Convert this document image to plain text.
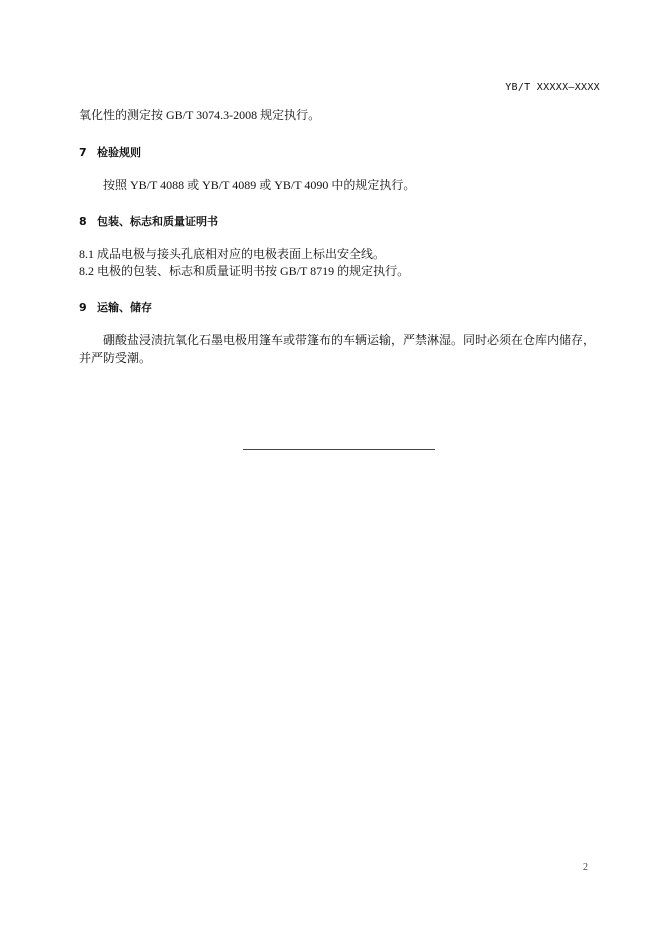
YB/T XXXXX—XXXX
氧化性的测定按 GB/T 3074.3-2008 规定执行。
7 检验规则
按照 YB/T 4088 或 YB/T 4089 或 YB/T 4090 中的规定执行。
8 包装、标志和质量证明书
8.1 成品电极与接头孔底相对应的电极表面上标出安全线。
8.2 电极的包装、标志和质量证明书按 GB/T 8719 的规定执行。
9 运输、储存
硼酸盐浸渍抗氧化石墨电极用篷车或带篷布的车辆运输，严禁淋湿。同时必须在仓库内储存，并严防受潮。
2
